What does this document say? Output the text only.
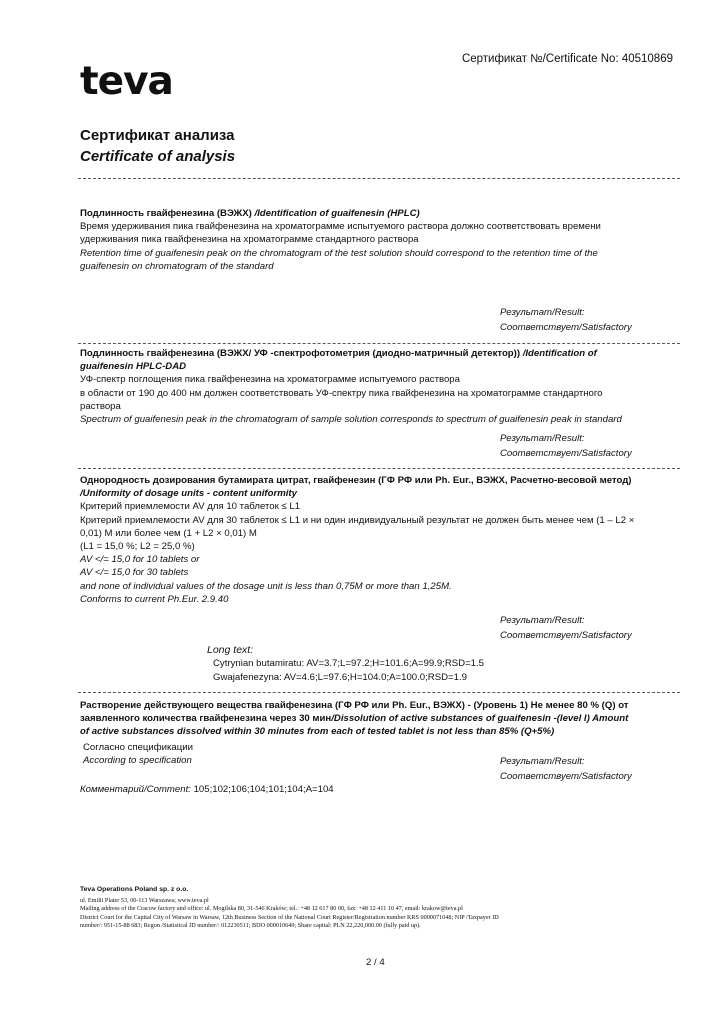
Сертификат №/Certificate No: 40510869
teva
Сертификат анализа
Certificate of analysis
Подлинность гвайфенезина (ВЭЖХ) /Identification of guaifenesin (HPLC)
Время удерживания пика гвайфенезина на хроматограмме испытуемого раствора должно соответствовать времени
удерживания пика гвайфенезина на хроматограмме стандартного раствора
Retention time of guaifenesin peak on the chromatogram of the test solution should correspond to the retention time of the
guaifenesin on chromatogram of the standard
Результат/Result:
Соответствует/Satisfactory
Подлинность гвайфенезина (ВЭЖХ/ УФ -спектрофотометрия (диодно-матричный детектор)) /Identification of
guaifenesin HPLC-DAD
УФ-спектр поглощения пика гвайфенезина на хроматограмме испытуемого раствора
в области от 190 до 400 нм должен соответствовать УФ-спектру пика гвайфенезина на хроматограмме стандартного
раствора
Spectrum of guaifenesin peak in the chromatogram of sample solution corresponds to spectrum of guaifenesin peak in standard
Результат/Result:
Соответствует/Satisfactory
Однородность дозирования бутамирата цитрат, гвайфенезин (ГФ РФ или Ph. Eur., ВЭЖХ, Расчетно-весовой метод)
/Uniformity of dosage units - content uniformity
Критерий приемлемости AV для 10 таблеток ≤ L1
Критерий приемлемости AV для 30 таблеток ≤ L1 и ни один индивидуальный результат не должен быть менее чем (1 – L2 ×
0,01) M или более чем (1 + L2 × 0,01) M
(L1 = 15,0 %; L2 = 25,0 %)
AV </= 15,0 for 10 tablets or
AV </= 15,0 for 30 tablets
and none of individual values of the dosage unit is less than 0,75M or more than 1,25M.
Conforms to current Ph.Eur. 2.9.40
Результат/Result:
Соответствует/Satisfactory
Long text:
Cytrynian butamiratu: AV=3.7;L=97.2;H=101.6;A=99.9;RSD=1.5
Gwajafenezyna: AV=4.6;L=97.6;H=104.0;A=100.0;RSD=1.9
Растворение действующего вещества гвайфенезина (ГФ РФ или Ph. Eur., ВЭЖХ) - (Уровень 1) Не менее 80 % (Q) от
заявленного количества гвайфенезина через 30 мин/Dissolution of active substances of guaifenesin -(level I) Amount
of active substances dissolved within 30 minutes from each of tested tablet is not less than 85% (Q+5%)
Согласно спецификации
According to specification	Результат/Result:
Соответствует/Satisfactory
Комментарий/Comment: 105;102;106;104;101;104;A=104
Teva Operations Poland sp. z o.o.
ul. Emilii Plater 53, 00-113 Warszawa; www.teva.pl
Mailing address of the Cracow factory and office: ul. Mogilska 80, 31-546 Kraków; tel.: +48 12 617 80 00, fax: +48 12 411 10 47, email: krakow@teva.pl
District Court for the Capital City of Warsaw in Warsaw, 12th Business Section of the National Court Register/Registration number KRS 0000071048; NIP /Taxpayer ID
number/: 951-15-88 683; Regon /Statistical ID number/: 012230511; BDO 000010649; Share capital: PLN 22,220,000.00 (fully paid up).
2 / 4
